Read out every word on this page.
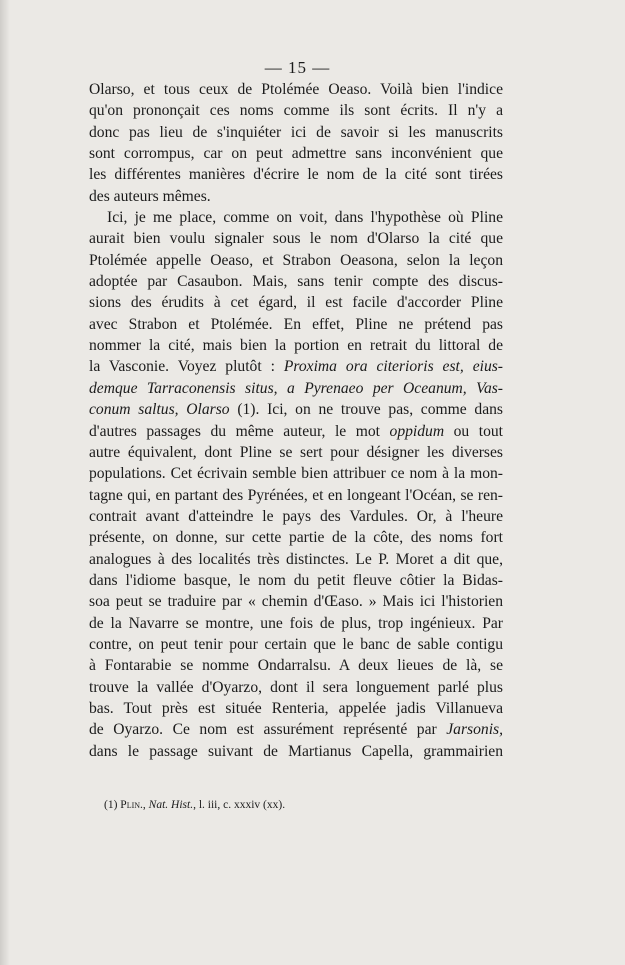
— 15 —
Olarso, et tous ceux de Ptolémée Oeaso. Voilà bien l'indice
qu'on prononçait ces noms comme ils sont écrits. Il n'y a
donc pas lieu de s'inquiéter ici de savoir si les manuscrits
sont corrompus, car on peut admettre sans inconvénient que
les différentes manières d'écrire le nom de la cité sont tirées
des auteurs mêmes.
Ici, je me place, comme on voit, dans l'hypothèse où Pline
aurait bien voulu signaler sous le nom d'Olarso la cité que
Ptolémée appelle Oeaso, et Strabon Oeasona, selon la leçon
adoptée par Casaubon. Mais, sans tenir compte des discus-
sions des érudits à cet égard, il est facile d'accorder Pline
avec Strabon et Ptolémée. En effet, Pline ne prétend pas
nommer la cité, mais bien la portion en retrait du littoral de
la Vasconie. Voyez plutôt : Proxima ora citerioris est, eius-
demque Tarraconensis situs, a Pyrenaeo per Oceanum, Vas-
conum saltus, Olarso (1). Ici, on ne trouve pas, comme dans
d'autres passages du même auteur, le mot oppidum ou tout
autre équivalent, dont Pline se sert pour désigner les diverses
populations. Cet écrivain semble bien attribuer ce nom à la mon-
tagne qui, en partant des Pyrénées, et en longeant l'Océan, se ren-
contrait avant d'atteindre le pays des Vardules. Or, à l'heure
présente, on donne, sur cette partie de la côte, des noms fort
analogues à des localités très distinctes. Le P. Moret a dit que,
dans l'idiome basque, le nom du petit fleuve côtier la Bidas-
soa peut se traduire par « chemin d'Œaso. » Mais ici l'historien
de la Navarre se montre, une fois de plus, trop ingénieux. Par
contre, on peut tenir pour certain que le banc de sable contigu
à Fontarabie se nomme Ondarralsu. A deux lieues de là, se
trouve la vallée d'Oyarzo, dont il sera longuement parlé plus
bas. Tout près est située Renteria, appelée jadis Villanueva
de Oyarzo. Ce nom est assurément représenté par Jarsonis,
dans le passage suivant de Martianus Capella, grammairien
(1) Plin., Nat. Hist., l. iii, c. xxxiv (xx).
